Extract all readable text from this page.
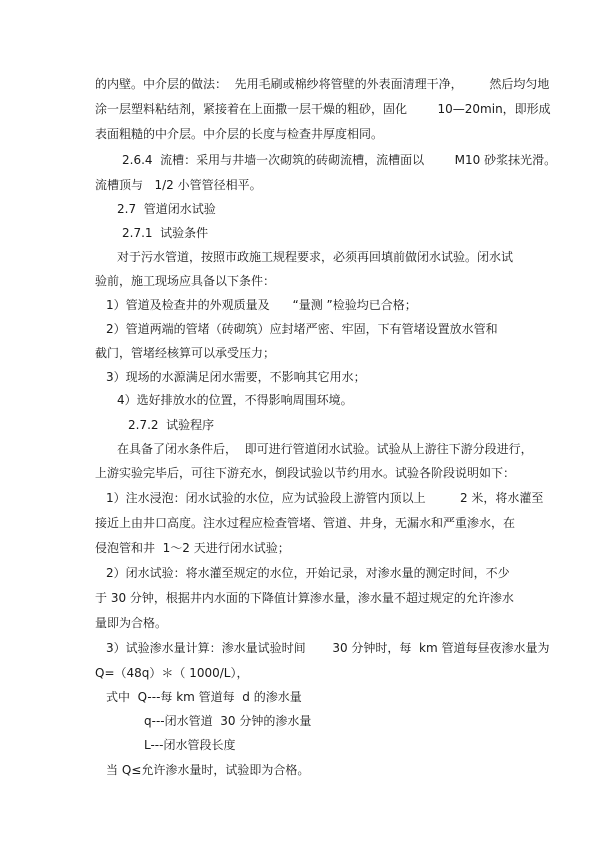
的内壁。中介层的做法：  先用毛刷或棉纱将管壁的外表面清理干净，       然后均匀地
涂一层塑料粘结剂，紧接着在上面撒一层干燥的粗砂，固化        10—20min，即形成
表面粗糙的中介层。中介层的长度与检查井厚度相同。
2.6.4  流槽：采用与井墙一次砌筑的砖砌流槽，流槽面以        M10 砂浆抹光滑。
流槽顶与   1/2 小管管径相平。
2.7  管道闭水试验
2.7.1  试验条件
对于污水管道，按照市政施工规程要求，必须再回填前做闭水试验。闭水试
验前，施工现场应具备以下条件：
1）管道及检查井的外观质量及      “量测 ”检验均已合格；
2）管道两端的管堵（砖砌筑）应封堵严密、牢固，下有管堵设置放水管和
截门，管堵经核算可以承受压力；
3）现场的水源满足闭水需要，不影响其它用水；
4）选好排放水的位置，不得影响周围环境。
2.7.2  试验程序
在具备了闭水条件后，  即可进行管道闭水试验。试验从上游往下游分段进行，
上游实验完毕后，可往下游充水，倒段试验以节约用水。试验各阶段说明如下：
1）注水浸泡：闭水试验的水位，应为试验段上游管内顶以上         2 米，将水灌至
接近上由井口高度。注水过程应检查管堵、管道、井身，无漏水和严重渗水，在
侵泡管和井  1～2 天进行闭水试验；
2）闭水试验：将水灌至规定的水位，开始记录，对渗水量的测定时间，不少
于 30 分钟，根据井内水面的下降值计算渗水量，渗水量不超过规定的允许渗水
量即为合格。
3）试验渗水量计算：渗水量试验时间       30 分钟时，每  km 管道每昼夜渗水量为
Q=（48q）＊（ 1000/L），
式中  Q---每 km 管道每  d 的渗水量
q---闭水管道  30 分钟的渗水量
L---闭水管段长度
当 Q≤允许渗水量时，试验即为合格。
